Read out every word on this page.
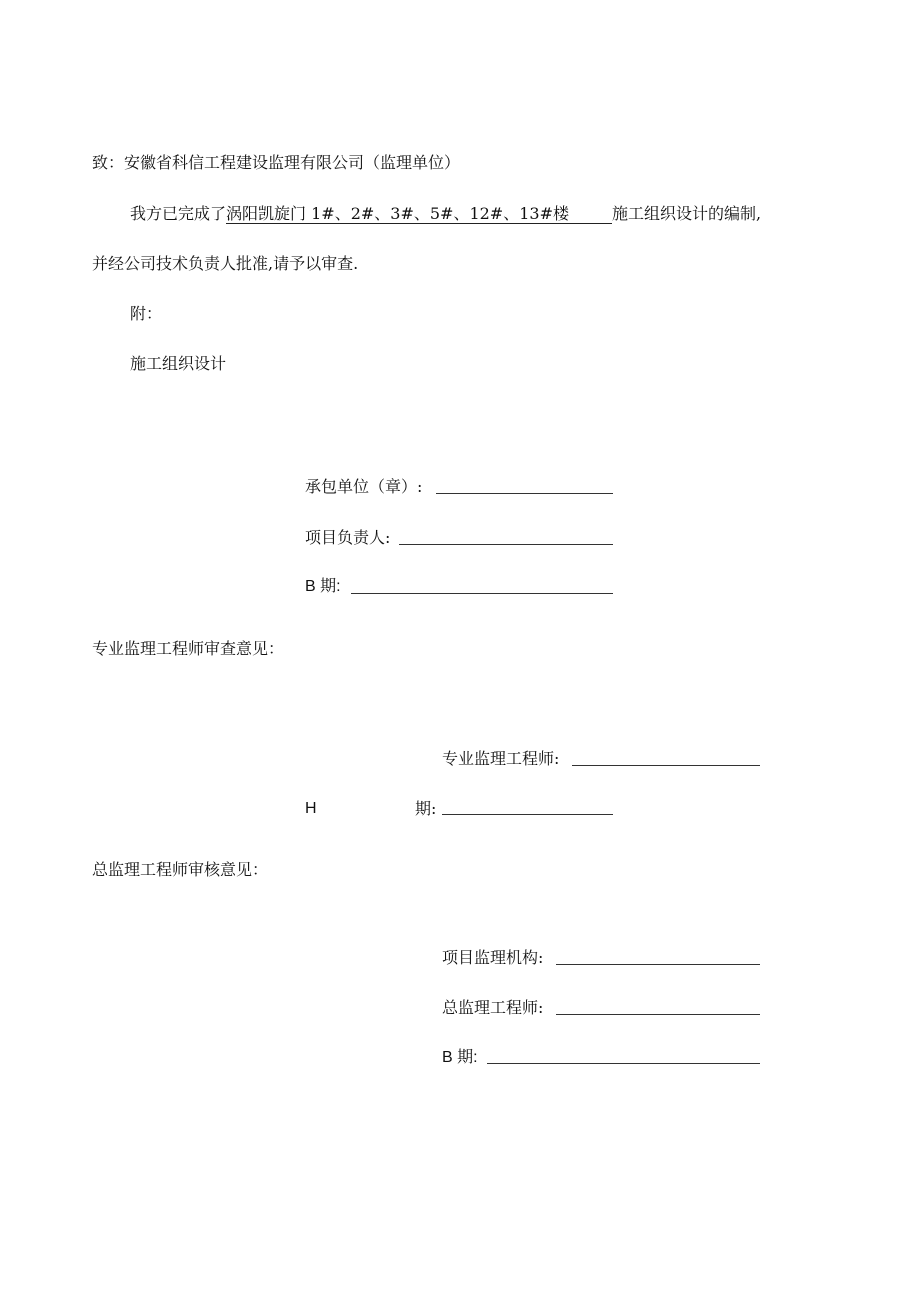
致：安徽省科信工程建设监理有限公司（监理单位）
我方已完成了涡阳凯旋门 1#、2#、3#、5#、12#、13#楼	施工组织设计的编制,
并经公司技术负责人批准,请予以审查.
附：
施工组织设计
承包单位（章）:
项目负责人:
B 期:
专业监理工程师审查意见：
专业监理工程师:
H	期:
总监理工程师审核意见：
项目监理机构:
总监理工程师:
B 期:
